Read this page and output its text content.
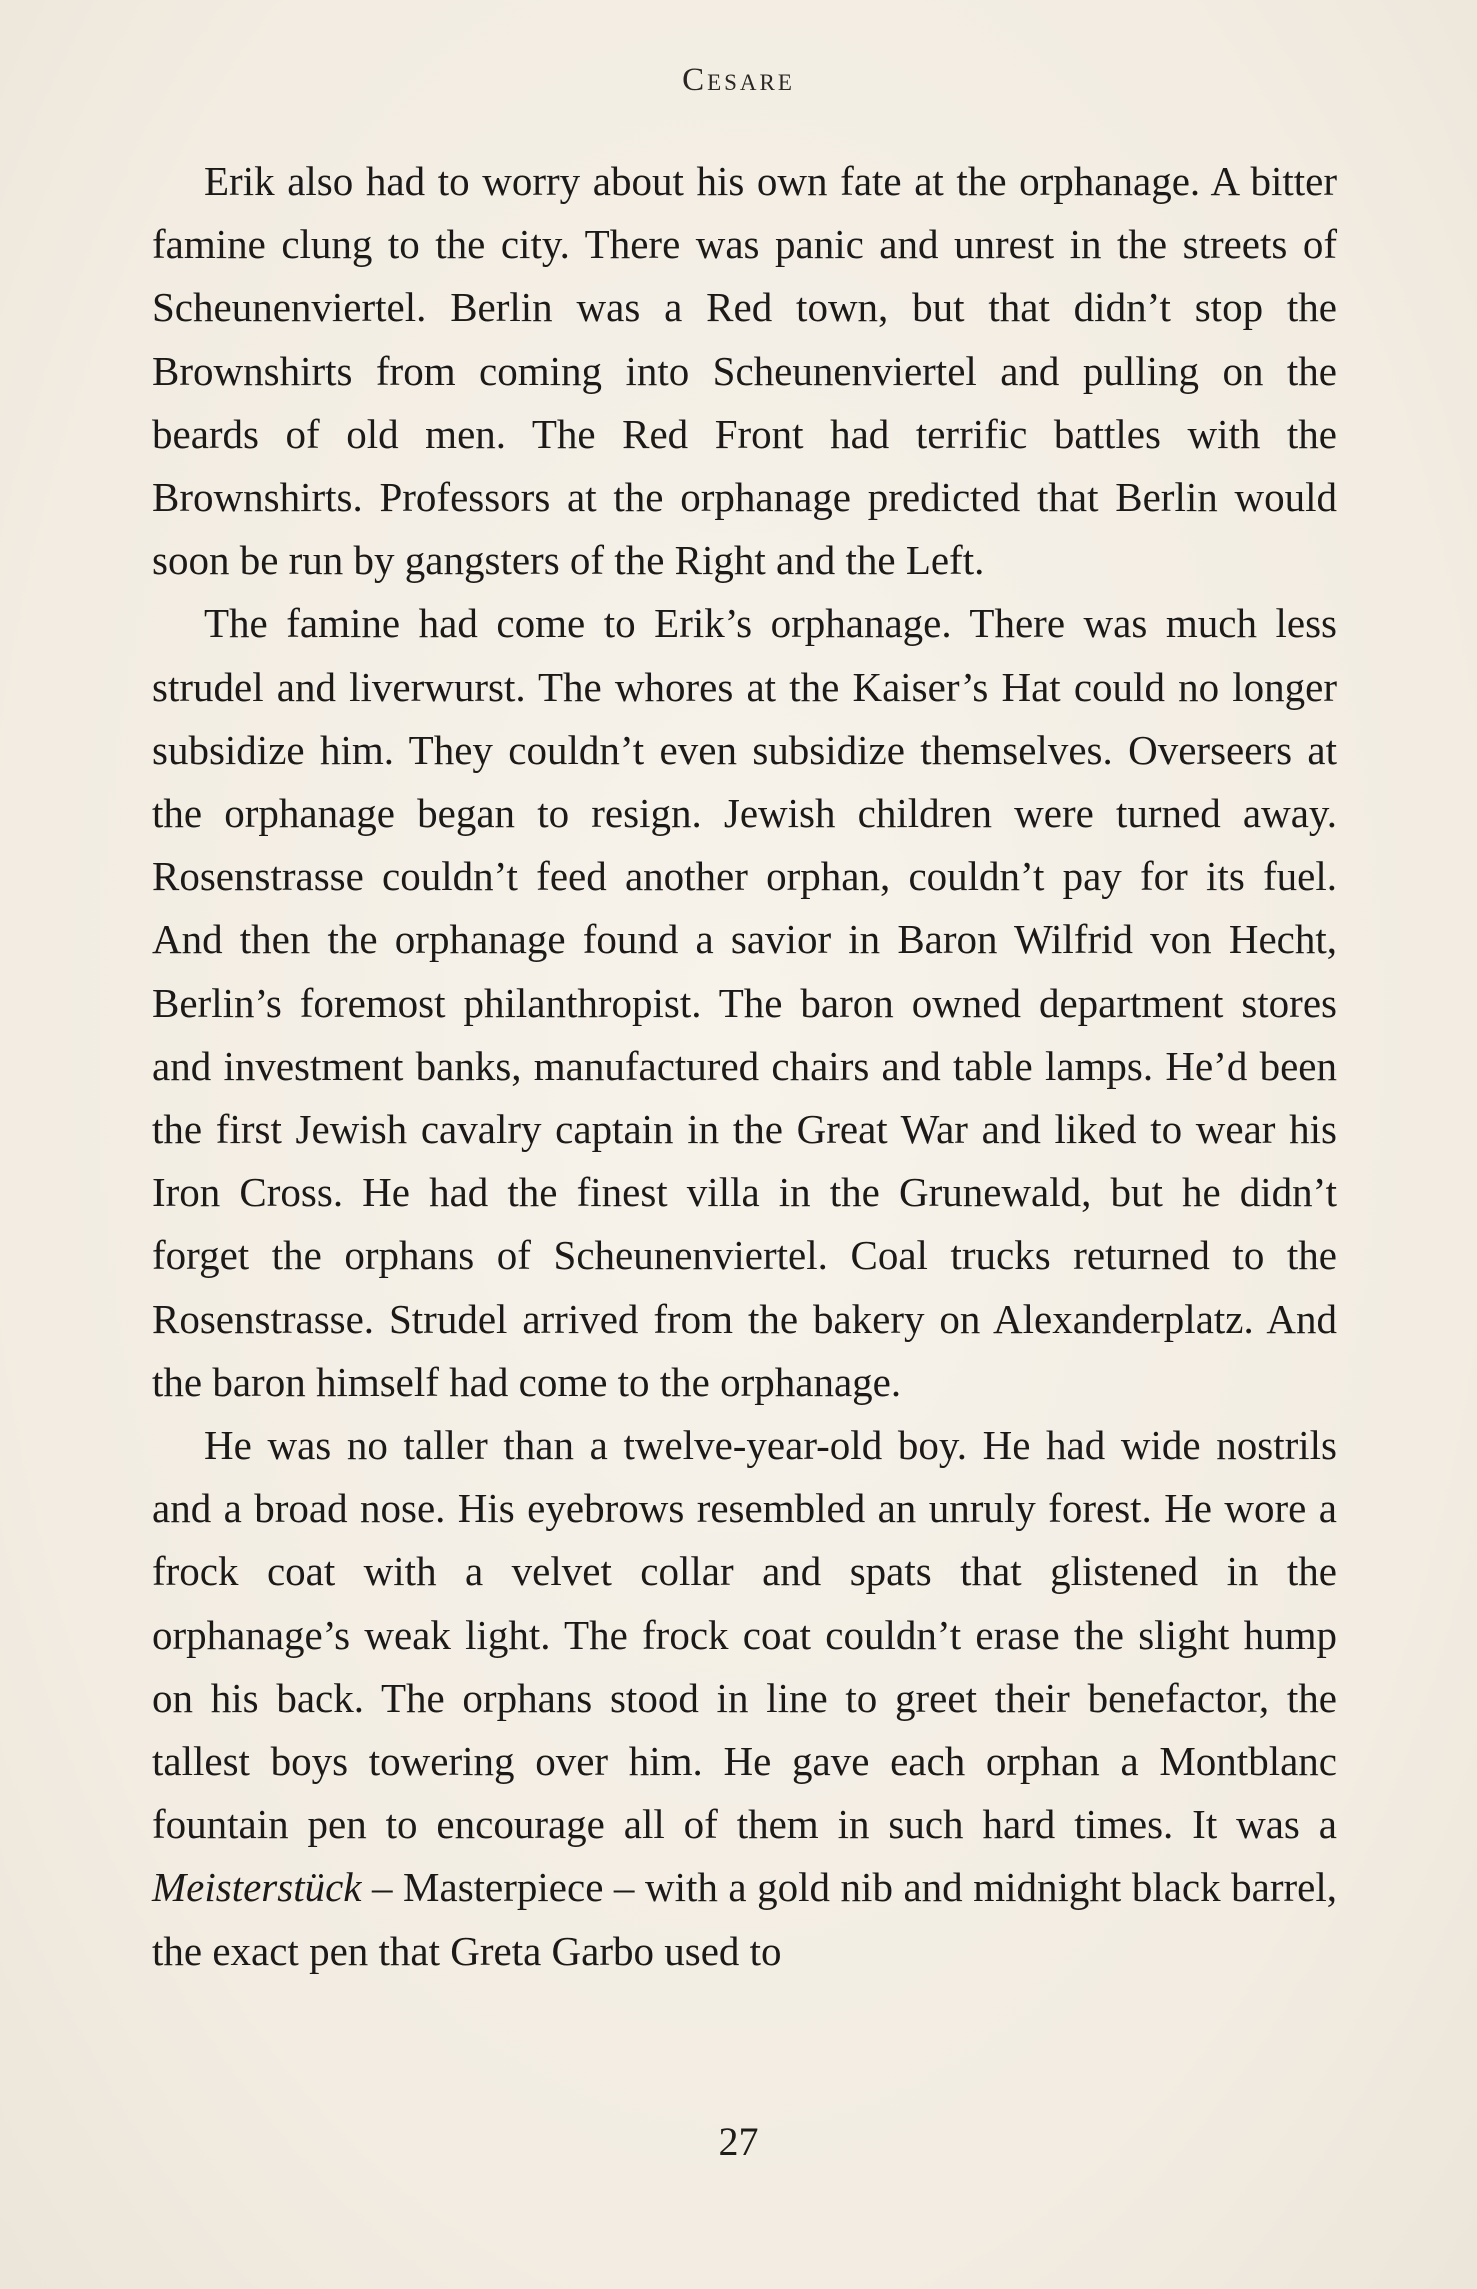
Cesare

Erik also had to worry about his own fate at the orphanage. A bitter famine clung to the city. There was panic and unrest in the streets of Scheunenviertel. Berlin was a Red town, but that didn’t stop the Brownshirts from coming into Scheunenviertel and pulling on the beards of old men. The Red Front had terrific battles with the Brownshirts. Professors at the orphanage predicted that Berlin would soon be run by gangsters of the Right and the Left.

The famine had come to Erik’s orphanage. There was much less strudel and liverwurst. The whores at the Kaiser’s Hat could no longer subsidize him. They couldn’t even subsidize themselves. Overseers at the orphanage began to resign. Jewish children were turned away. Rosenstrasse couldn’t feed another orphan, couldn’t pay for its fuel. And then the orphanage found a savior in Baron Wilfrid von Hecht, Berlin’s foremost philanthropist. The baron owned department stores and investment banks, manufactured chairs and table lamps. He’d been the first Jewish cavalry captain in the Great War and liked to wear his Iron Cross. He had the finest villa in the Grunewald, but he didn’t forget the orphans of Scheunenviertel. Coal trucks returned to the Rosenstrasse. Strudel arrived from the bakery on Alexanderplatz. And the baron himself had come to the orphanage.

He was no taller than a twelve-year-old boy. He had wide nostrils and a broad nose. His eyebrows resembled an unruly forest. He wore a frock coat with a velvet collar and spats that glistened in the orphanage’s weak light. The frock coat couldn’t erase the slight hump on his back. The orphans stood in line to greet their benefactor, the tallest boys towering over him. He gave each orphan a Montblanc fountain pen to encourage all of them in such hard times. It was a Meisterstück – Masterpiece – with a gold nib and midnight black barrel, the exact pen that Greta Garbo used to

27
